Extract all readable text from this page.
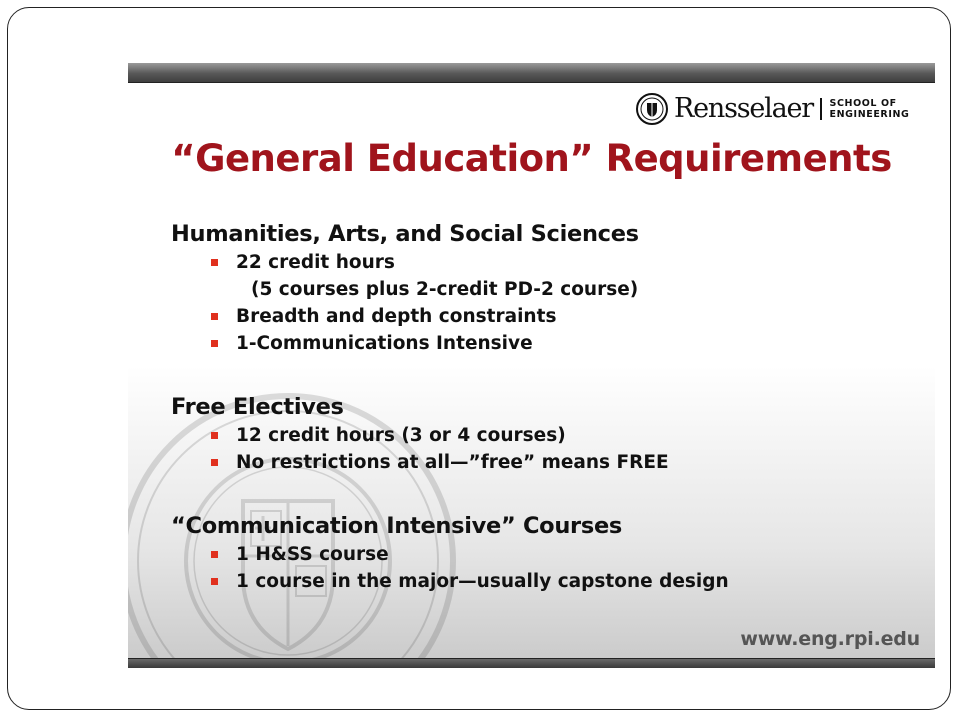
Rensselaer SCHOOL OF
ENGINEERING
“General Education” Requirements
Humanities, Arts, and Social Sciences
22 credit hours
(5 courses plus 2-credit PD-2 course)
Breadth and depth constraints
1-Communications Intensive
Free Electives
12 credit hours (3 or 4 courses)
No restrictions at all—”free” means FREE
“Communication Intensive” Courses
1 H&SS course
1 course in the major—usually capstone design
www.eng.rpi.edu
